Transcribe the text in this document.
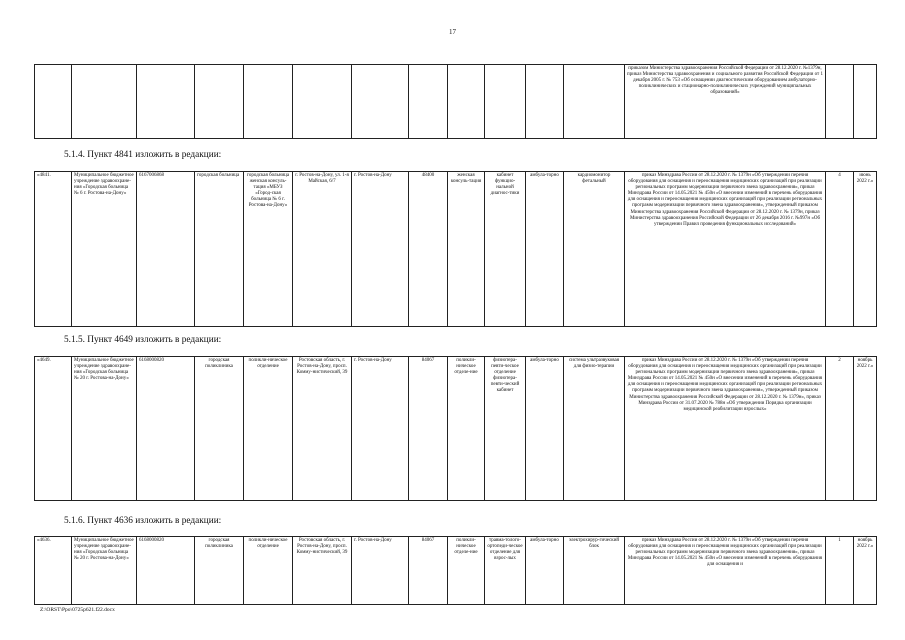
17
												приказом Министерства здравоохранения Российской Федерации от 28.12.2020 г. №1379н, приказ Министерства здравоохранения и социального развития Российской Федерации от 1 декабря 2005 г. № 753 «Об оснащении диагностическим оборудованием амбулаторно-поликлинических и стационарно-поликлинических учреждений муниципальных образований»		
5.1.4. Пункт 4841 изложить в редакции:
«4841.	Муниципальное бюджетное учреждение здравоохране-ния «Городская больница № 6 г. Ростова-на-Дону»	6167006868	городская больница	городская больница женская консуль-тация «МБУЗ «Город-ская больница № 6 г. Ростова-на-Дону»	г. Ростов-на-Дону, ул. 1-я Майская, 6/7	г. Ростов-на-Дону	48400	женская консуль-тация	кабинет функцио-нальной диагнос-тики	амбула-торно	кардиомонитор фетальный	приказ Минздрава России от 28.12.2020 г. № 1379н «Об утверждении перечня оборудования для оснащения и переоснащения медицинских организаций при реализации региональных программ модернизации первичного звена здравоохранения», приказ Минздрава России от 14.05.2021 № 450н «О внесении изменений в перечень оборудования для оснащения и переоснащения медицинских организаций при реализации региональных программ модернизации первичного звена здравоохранения», утвержденный приказом Министерства здравоохранения Российской Федерации от 28.12.2020 г. № 1379н, приказ Министерства здравоохранения Российской Федерации от 26 декабря 2016 г. №997н «Об утверждении Правил проведения функциональных исследований»	4	июнь 2022 г.»
5.1.5. Пункт 4649 изложить в редакции:
«4649.	Муниципальное бюджетное учреждение здравоохране-ния «Городская больница № 20 г. Ростова-на-Дону»	6168000820	городская поликлиника	поликли-ническое отделение	Ростовская область, г. Ростов-на-Дону, просп. Комму-нистический, 39	г. Ростов-на-Дону	84067	поликли-ническое отделе-ние	физиотера-певти-ческое отделение физиотера-певти-ческий кабинет	амбула-торно	система ультразвуковая для физио-терапии	приказ Минздрава России от 28.12.2020 г. № 1379н «Об утверждении перечня оборудования для оснащения и переоснащения медицинских организаций при реализации региональных программ модернизации первичного звена здравоохранения», приказ Минздрава России от 14.05.2021 № 450н «О внесении изменений в перечень оборудования для оснащения и переоснащения медицинских организаций при реализации региональных программ модернизации первичного звена здравоохранения», утвержденный приказом Министерства здравоохранения Российской Федерации от 28.12.2020 г. № 1379н», приказ Минздрава России от 31.07.2020 № 788н «Об утверждении Порядка организации медицинской реабилитации взрослых»	2	ноябрь 2022 г.»
5.1.6. Пункт 4636 изложить в редакции:
«4636.	Муниципальное бюджетное учреждение здравоохране-ния «Городская больница № 20 г. Ростова-на-Дону»	6168000820	городская поликлиника	поликли-ническое отделение	Ростовская область, г. Ростов-на-Дону, просп. Комму-нистический, 39	г. Ростов-на-Дону	84067	поликли-ническое отделе-ние	травма-толого-ортопеди-ческое отделение для взрос-лых	амбула-торно	электрохирур-гический блок	приказ Минздрава России от 28.12.2020 г. № 1379н «Об утверждении перечня оборудования для оснащения и переоснащения медицинских организаций при реализации региональных программ модернизации первичного звена здравоохранения», приказ Минздрава России от 14.05.2021 № 450н «О внесении изменений в перечень оборудования для оснащения и	1	ноябрь 2022 г.»
Z:\ORST\Ppo\0725p621.f22.docx
